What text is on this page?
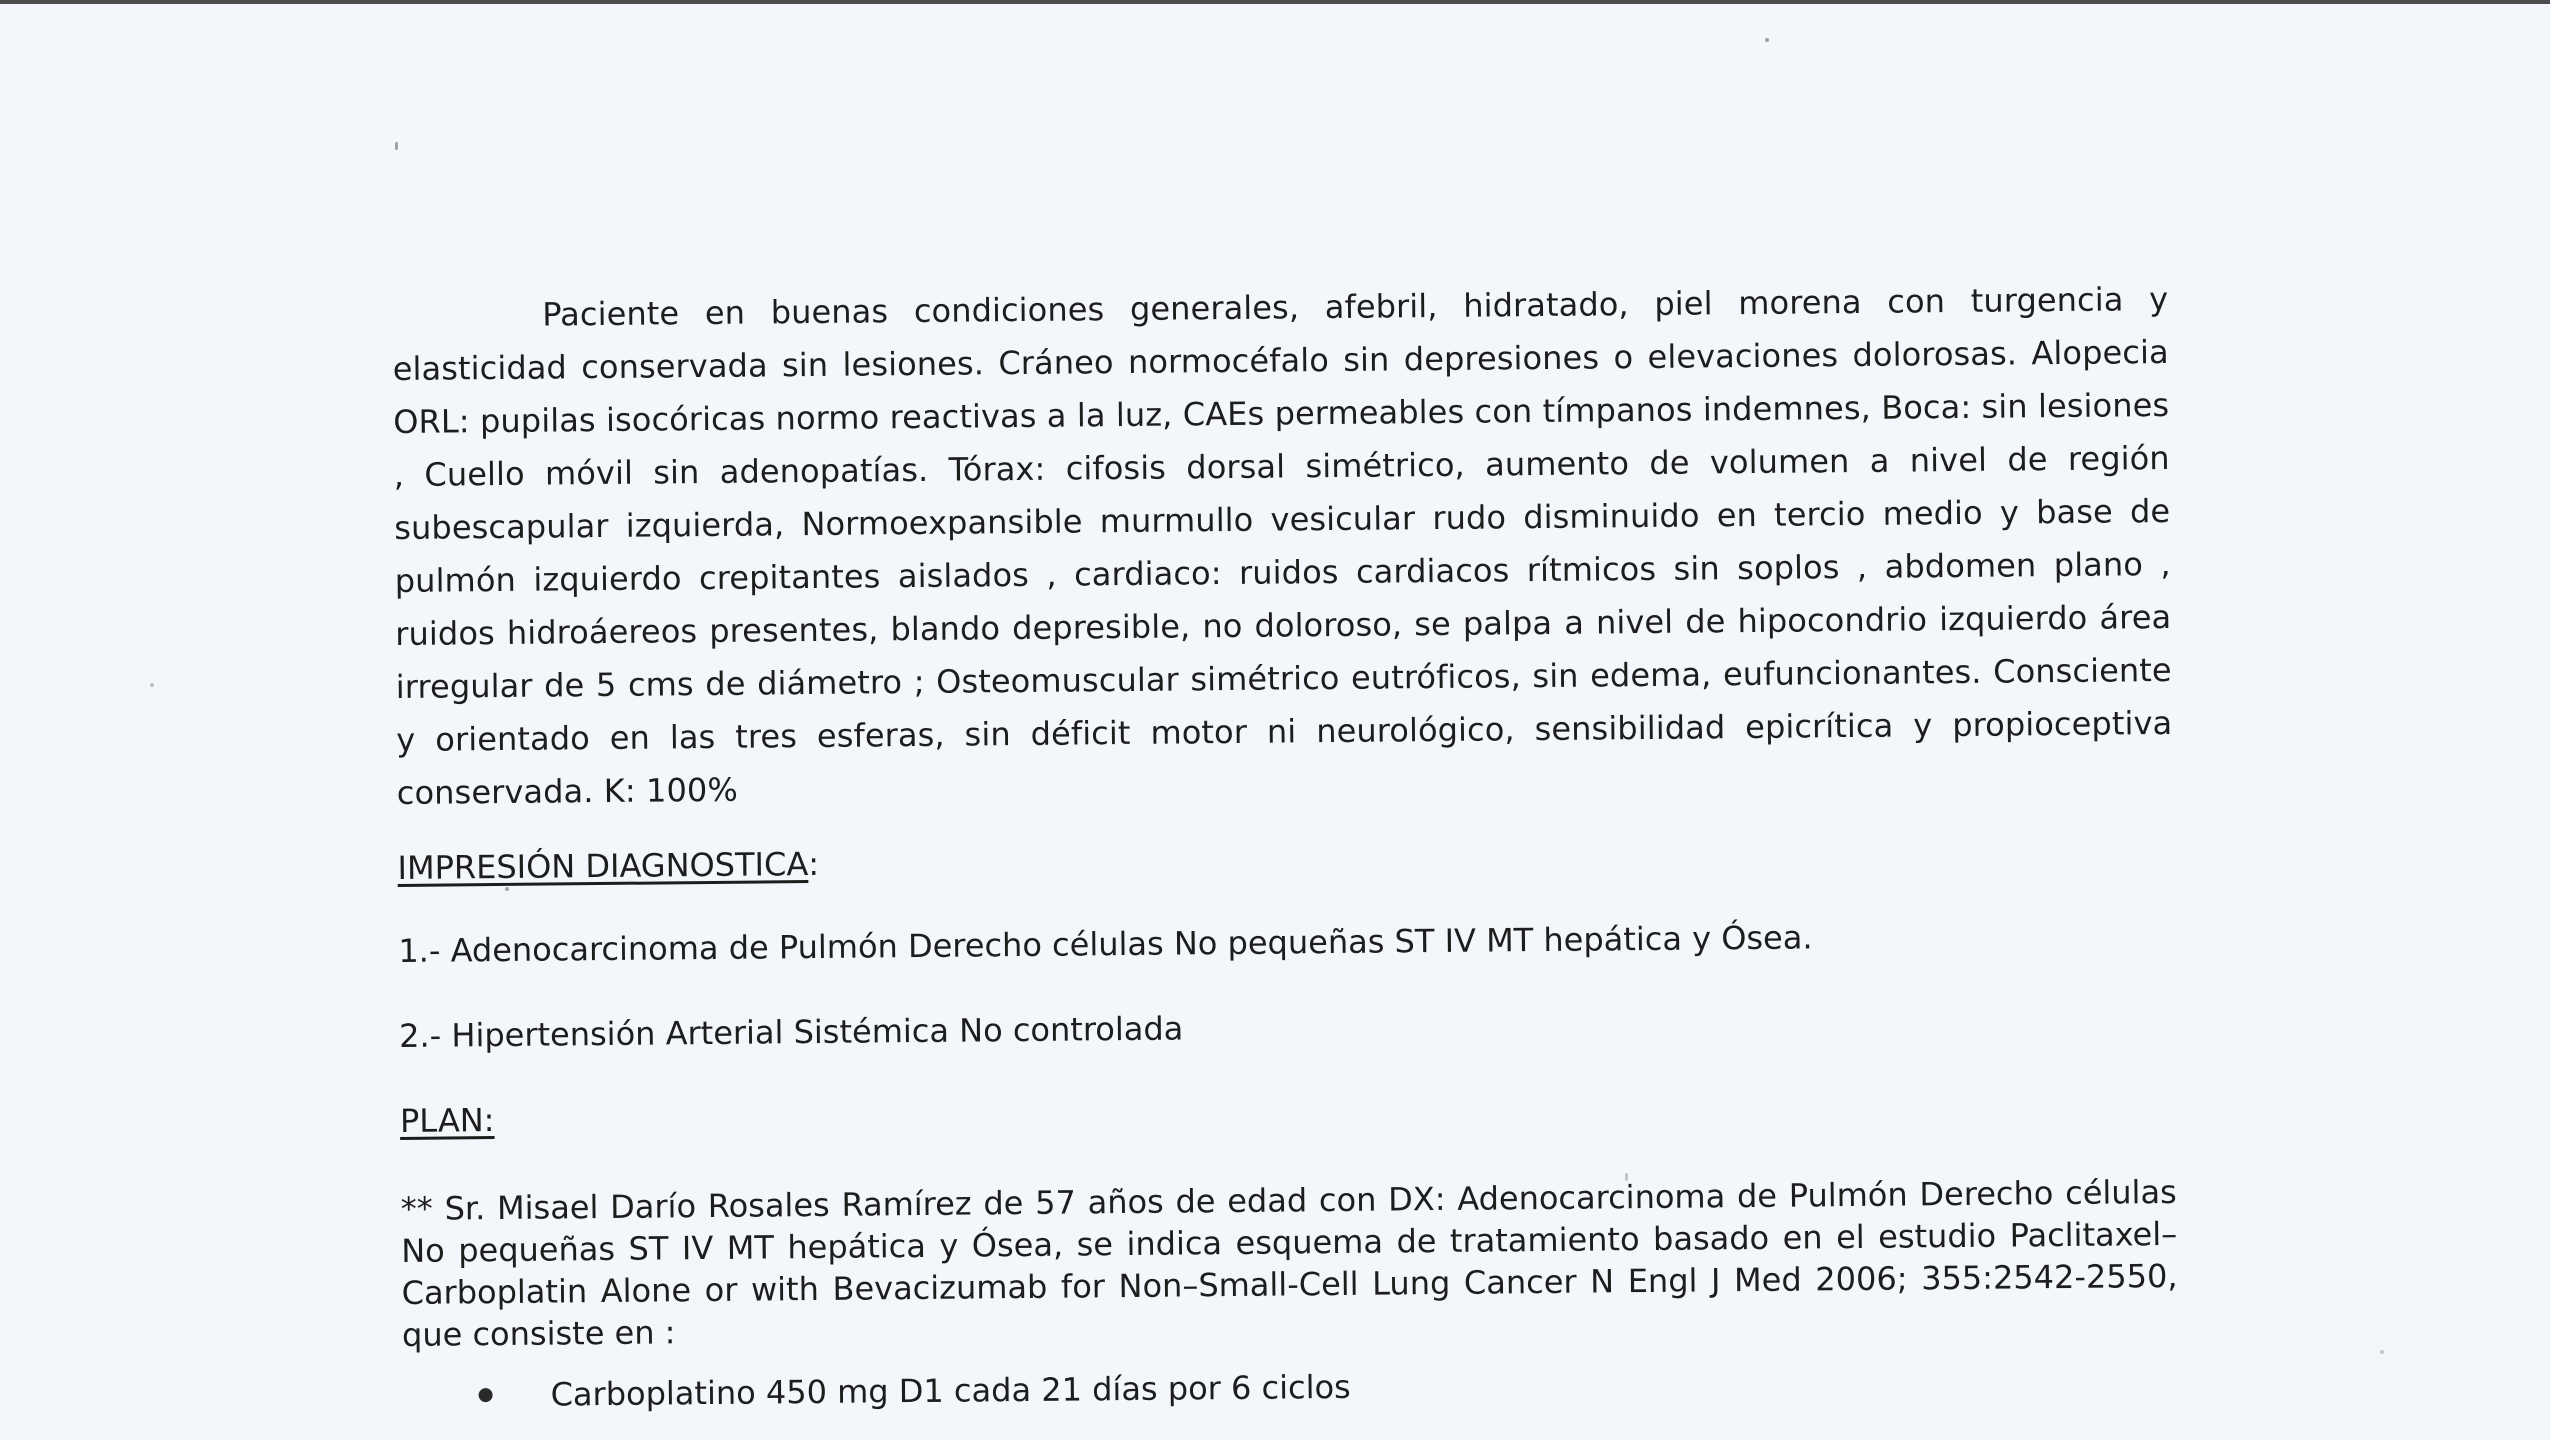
Paciente en buenas condiciones generales, afebril, hidratado, piel morena con turgencia y elasticidad conservada sin lesiones. Cráneo normocéfalo sin depresiones o elevaciones dolorosas. Alopecia ORL: pupilas isocóricas normo reactivas a la luz, CAEs permeables con tímpanos indemnes, Boca: sin lesiones , Cuello móvil sin adenopatías. Tórax: cifosis dorsal simétrico, aumento de volumen a nivel de región subescapular izquierda, Normoexpansible murmullo vesicular rudo disminuido en tercio medio y base de pulmón izquierdo crepitantes aislados , cardiaco: ruidos cardiacos rítmicos sin soplos , abdomen plano , ruidos hidroáereos presentes, blando depresible, no doloroso, se palpa a nivel de hipocondrio izquierdo área irregular de 5 cms de diámetro ; Osteomuscular simétrico eutróficos, sin edema, eufuncionantes. Consciente y orientado en las tres esferas, sin déficit motor ni neurológico, sensibilidad epicrítica y propioceptiva conservada. K: 100%

IMPRESIÓN DIAGNOSTICA:

1.- Adenocarcinoma de Pulmón Derecho células No pequeñas ST IV MT hepática y Ósea.

2.- Hipertensión Arterial Sistémica No controlada

PLAN:

** Sr. Misael Darío Rosales Ramírez de 57 años de edad con DX: Adenocarcinoma de Pulmón Derecho células No pequeñas ST IV MT hepática y Ósea, se indica esquema de tratamiento basado en el estudio Paclitaxel–Carboplatin Alone or with Bevacizumab for Non–Small-Cell Lung Cancer N Engl J Med 2006; 355:2542-2550, que consiste en :

Carboplatino 450 mg D1 cada 21 días por 6 ciclos
